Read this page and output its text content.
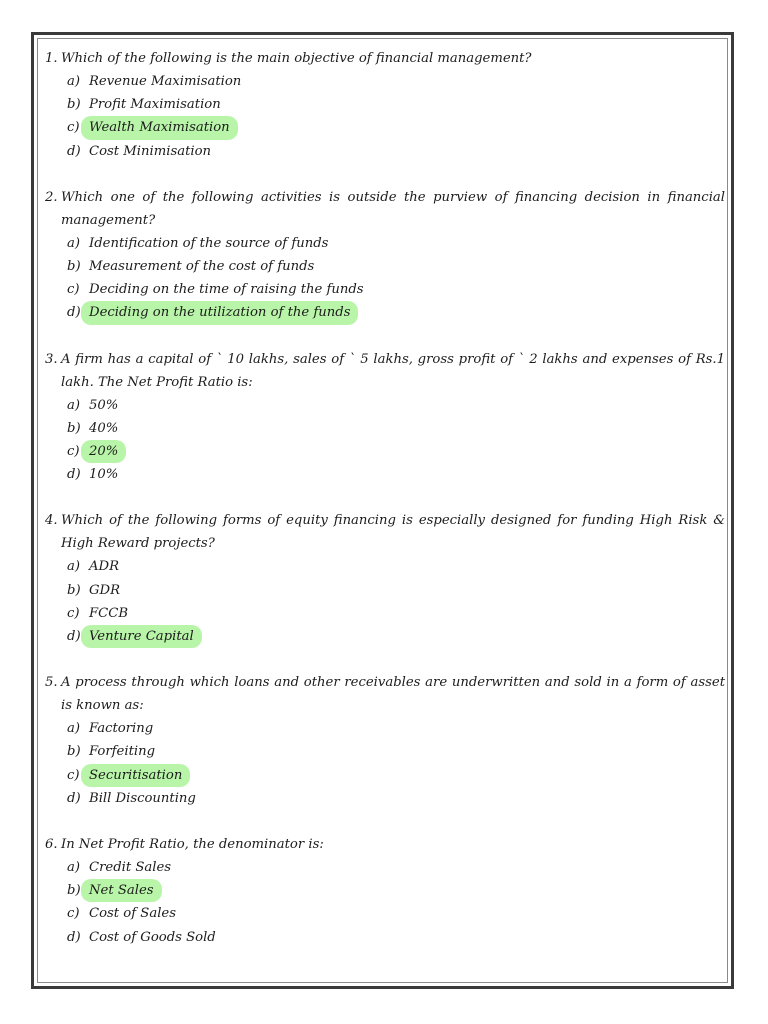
1. Which of the following is the main objective of financial management?
a) Revenue Maximisation
b) Profit Maximisation
c) Wealth Maximisation
d) Cost Minimisation
2. Which one of the following activities is outside the purview of financing decision in financial management?
a) Identification of the source of funds
b) Measurement of the cost of funds
c) Deciding on the time of raising the funds
d) Deciding on the utilization of the funds
3. A firm has a capital of ` 10 lakhs, sales of ` 5 lakhs, gross profit of ` 2 lakhs and expenses of Rs.1 lakh. The Net Profit Ratio is:
a) 50%
b) 40%
c) 20%
d) 10%
4. Which of the following forms of equity financing is especially designed for funding High Risk & High Reward projects?
a) ADR
b) GDR
c) FCCB
d) Venture Capital
5. A process through which loans and other receivables are underwritten and sold in a form of asset is known as:
a) Factoring
b) Forfeiting
c) Securitisation
d) Bill Discounting
6. In Net Profit Ratio, the denominator is:
a) Credit Sales
b) Net Sales
c) Cost of Sales
d) Cost of Goods Sold
